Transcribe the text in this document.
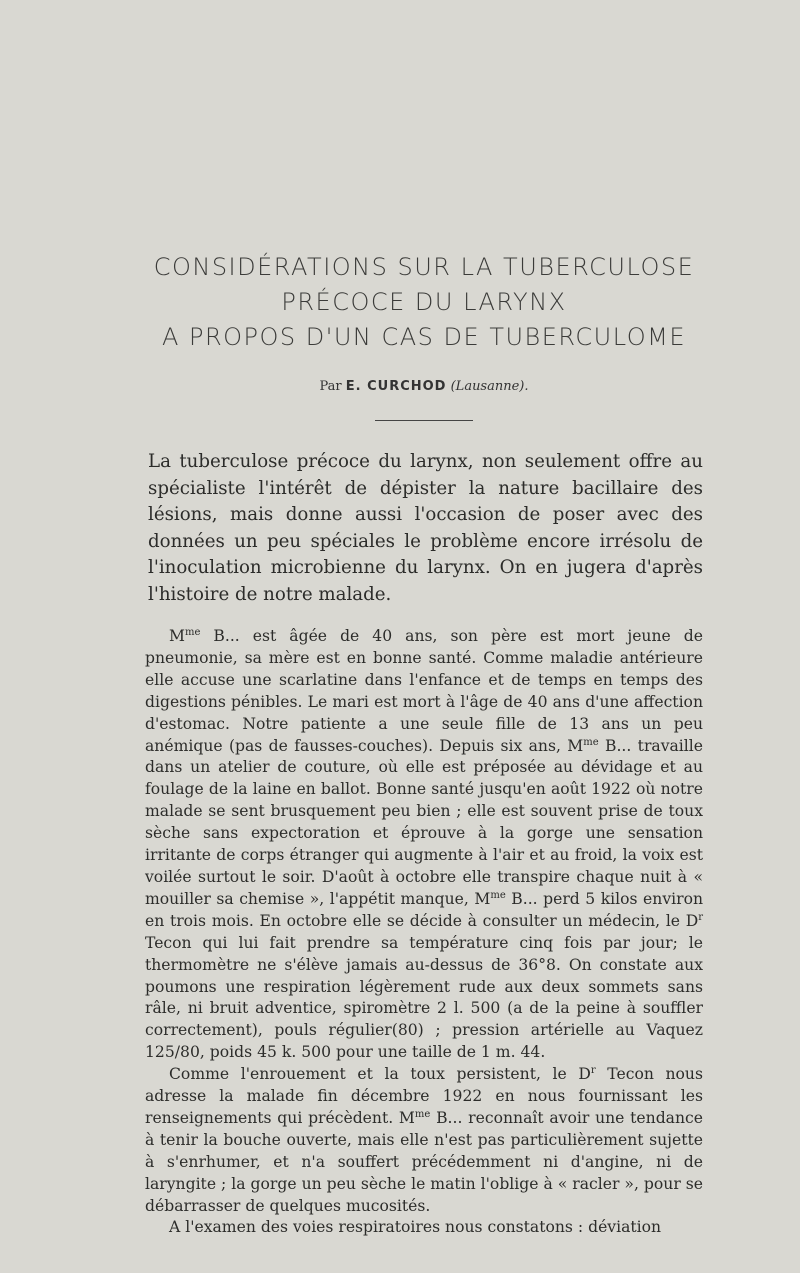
CONSIDÉRATIONS SUR LA TUBERCULOSE

PRÉCOCE DU LARYNX

A PROPOS D'UN CAS DE TUBERCULOME

Par E. CURCHOD (Lausanne).

La tuberculose précoce du larynx, non seulement offre au spécialiste l'intérêt de dépister la nature bacillaire des lésions, mais donne aussi l'occasion de poser avec des données un peu spéciales le problème encore irrésolu de l'inoculation microbienne du larynx. On en jugera d'après l'histoire de notre malade.

$M^{me}$ B... est âgée de 40 ans, son père est mort jeune de pneumonie, sa mère est en bonne santé. Comme maladie antérieure elle accuse une scarlatine dans l'enfance et de temps en temps des digestions pénibles. Le mari est mort à l'âge de 40 ans d'une affection d'estomac. Notre patiente a une seule fille de 13 ans un peu anémique (pas de fausses-couches). Depuis six ans, $M^{me}$ B... travaille dans un atelier de couture, où elle est préposée au dévidage et au foulage de la laine en ballot. Bonne santé jusqu'en août 1922 où notre malade se sent brusquement peu bien ; elle est souvent prise de toux sèche sans expectoration et éprouve à la gorge une sensation irritante de corps étranger qui augmente à l'air et au froid, la voix est voilée surtout le soir. D'août à octobre elle transpire chaque nuit à « mouiller sa chemise », l'appétit manque, $M^{me}$ B... perd 5 kilos environ en trois mois. En octobre elle se décide à consulter un médecin, le $D^r$ Tecon qui lui fait prendre sa température cinq fois par jour; le thermomètre ne s'élève jamais au-dessus de 36°8. On constate aux poumons une respiration légèrement rude aux deux sommets sans râle, ni bruit adventice, spiromètre 2 l. 500 (a de la peine à souffler correctement), pouls régulier(80) ; pression artérielle au Vaquez 125/80, poids 45 k. 500 pour une taille de 1 m. 44.

Comme l'enrouement et la toux persistent, le $D^r$ Tecon nous adresse la malade fin décembre 1922 en nous fournissant les renseignements qui précèdent. $M^{me}$ B... reconnaît avoir une tendance à tenir la bouche ouverte, mais elle n'est pas particulièrement sujette à s'enrhumer, et n'a souffert précédemment ni d'angine, ni de laryngite ; la gorge un peu sèche le matin l'oblige à « racler », pour se débarrasser de quelques mucosités.

A l'examen des voies respiratoires nous constatons : déviation
